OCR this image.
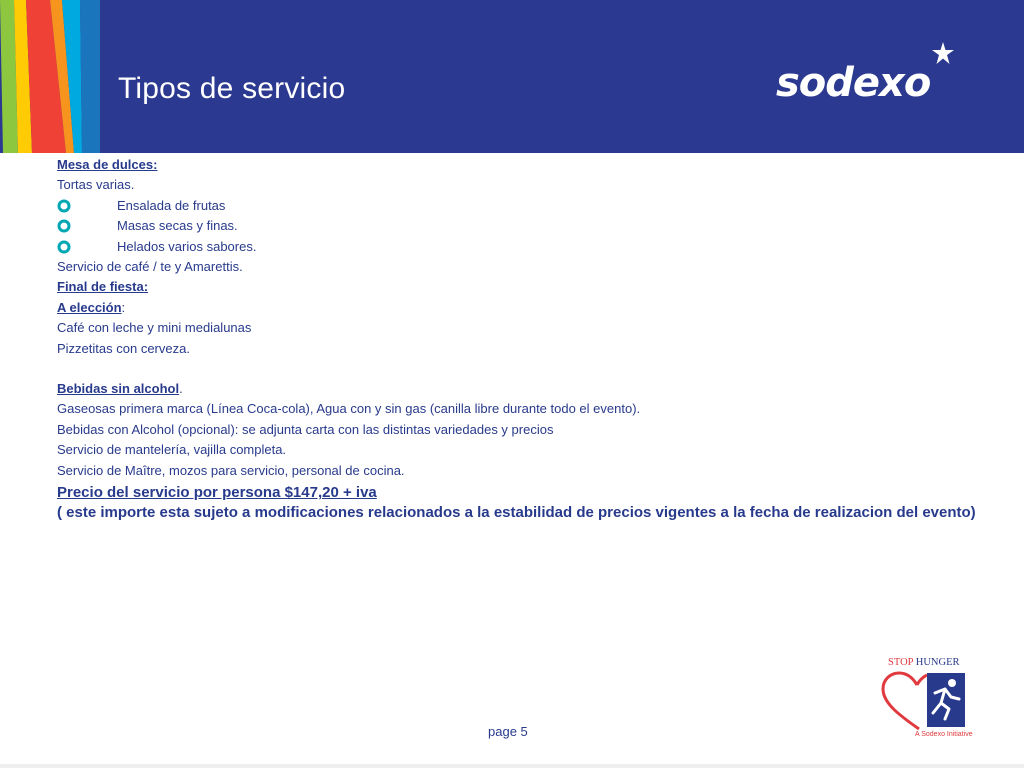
Tipos de servicio	sodexo
Mesa de dulces:
Tortas varias.
Ensalada de frutas
Masas secas y finas.
Helados varios sabores.
Servicio de café / te y Amarettis.
Final de fiesta:
A elección:
Café con leche y mini medialunas
Pizzetitas con cerveza.
Bebidas sin alcohol.
Gaseosas primera marca (Línea Coca-cola), Agua con y sin gas (canilla libre durante todo el evento).
Bebidas con Alcohol (opcional): se adjunta carta con las distintas variedades y precios
Servicio de mantelería, vajilla completa.
Servicio de Maître, mozos para servicio, personal de cocina.
Precio del servicio por persona $147,20 + iva
( este importe esta sujeto a modificaciones relacionados a la estabilidad de precios vigentes a la fecha de realizacion del evento)
page 5
STOP HUNGER
A Sodexo Initiative
